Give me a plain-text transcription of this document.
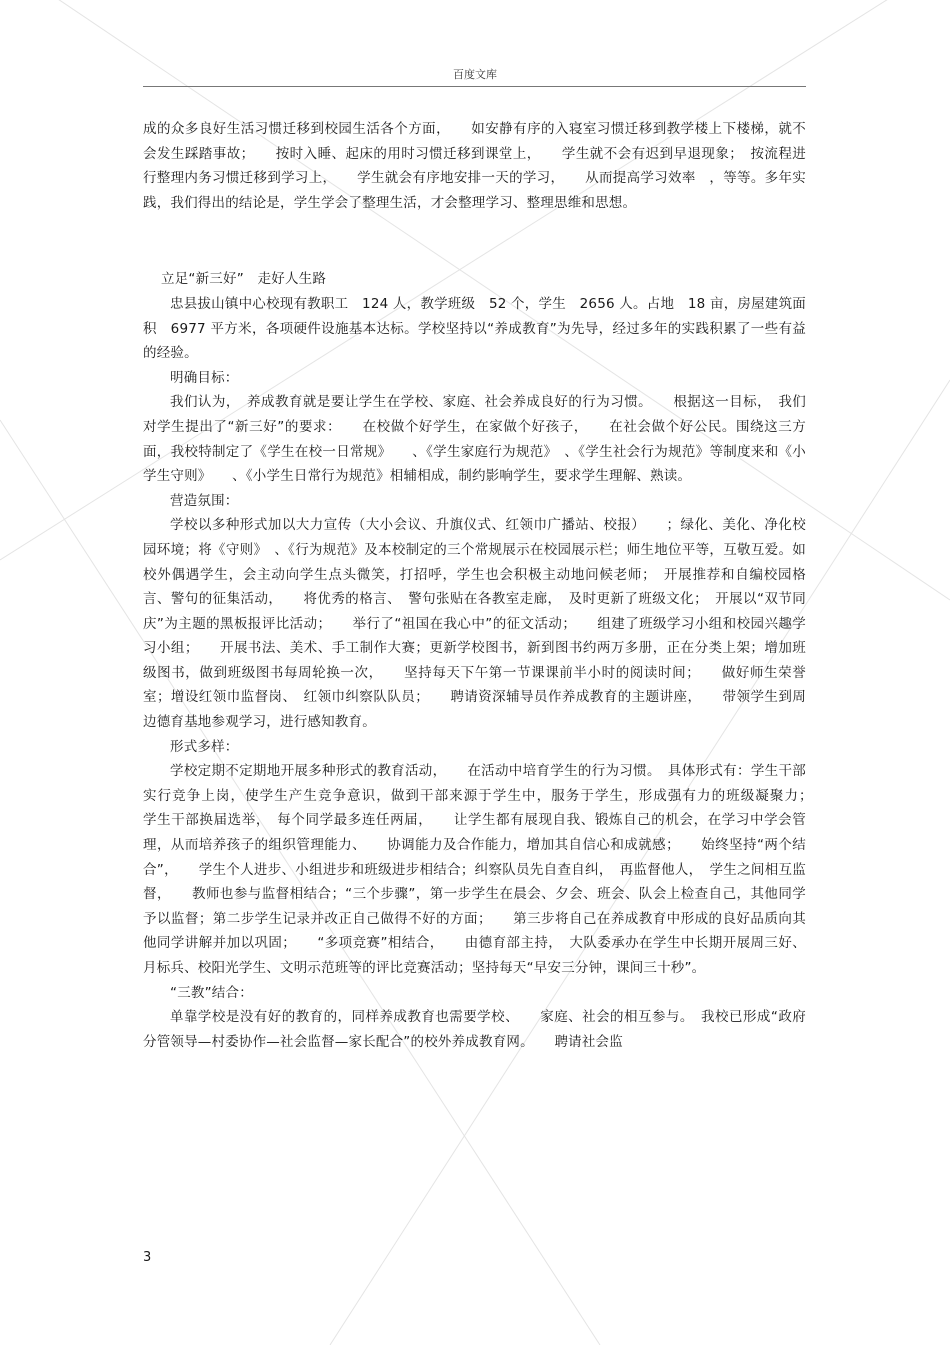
百度文库

成的众多良好生活习惯迁移到校园生活各个方面，　　如安静有序的入寝室习惯迁移到教学楼上下楼梯，就不会发生踩踏事故；　　按时入睡、起床的用时习惯迁移到课堂上，　　学生就不会有迟到早退现象；　按流程进行整理内务习惯迁移到学习上，　　学生就会有序地安排一天的学习，　　从而提高学习效率　，等等。多年实践，我们得出的结论是，学生学会了整理生活，才会整理学习、整理思维和思想。

立足“新三好”　走好人生路

忠县拔山镇中心校现有教职工　124 人，教学班级　52 个，学生　2656 人。占地　18 亩，房屋建筑面积　6977 平方米，各项硬件设施基本达标。学校坚持以“养成教育”为先导，经过多年的实践积累了一些有益的经验。

明确目标：

我们认为，　养成教育就是要让学生在学校、家庭、社会养成良好的行为习惯。　　根据这一目标，　我们对学生提出了“新三好”的要求：　　在校做个好学生，在家做个好孩子，　　在社会做个好公民。围绕这三方面，我校特制定了《学生在校一日常规》　　、《学生家庭行为规范》　、《学生社会行为规范》等制度来和《小学生守则》　　、《小学生日常行为规范》相辅相成，制约影响学生，要求学生理解、熟读。

营造氛围：

学校以多种形式加以大力宣传（大小会议、升旗仪式、红领巾广播站、校报）　　；绿化、美化、净化校园环境；将《守则》　、《行为规范》及本校制定的三个常规展示在校园展示栏；师生地位平等，互敬互爱。如校外偶遇学生，会主动向学生点头微笑，打招呼，学生也会积极主动地问候老师；　开展推荐和自编校园格言、警句的征集活动，　　将优秀的格言、　警句张贴在各教室走廊，　及时更新了班级文化；　开展以“双节同庆”为主题的黑板报评比活动；　　举行了“祖国在我心中”的征文活动；　　组建了班级学习小组和校园兴趣学习小组；　　开展书法、美术、手工制作大赛；更新学校图书，新到图书约两万多册，正在分类上架；增加班级图书，做到班级图书每周轮换一次，　　坚持每天下午第一节课课前半小时的阅读时间；　　做好师生荣誉室；增设红领巾监督岗、　红领巾纠察队队员；　　聘请资深辅导员作养成教育的主题讲座，　　带领学生到周边德育基地参观学习，进行感知教育。

形式多样：

学校定期不定期地开展多种形式的教育活动，　　在活动中培育学生的行为习惯。　具体形式有：学生干部实行竞争上岗，使学生产生竞争意识，做到干部来源于学生中，服务于学生，形成强有力的班级凝聚力；　　学生干部换届选举，　每个同学最多连任两届，　　让学生都有展现自我、锻炼自己的机会，在学习中学会管理，从而培养孩子的组织管理能力、　　协调能力及合作能力，增加其自信心和成就感；　　始终坚持“两个结合”，　　学生个人进步、小组进步和班级进步相结合；纠察队员先自查自纠，　再监督他人，　学生之间相互监督，　　教师也参与监督相结合；“三个步骤”，第一步学生在晨会、夕会、班会、队会上检查自己，其他同学予以监督；第二步学生记录并改正自己做得不好的方面；　　第三步将自己在养成教育中形成的良好品质向其他同学讲解并加以巩固；　　“多项竞赛”相结合，　　由德育部主持，　大队委承办在学生中长期开展周三好、月标兵、校阳光学生、文明示范班等的评比竞赛活动；坚持每天“早安三分钟，课间三十秒”。

“三教”结合：

单靠学校是没有好的教育的，同样养成教育也需要学校、　　家庭、社会的相互参与。　我校已形成“政府分管领导—村委协作—社会监督—家长配合”的校外养成教育网。　　聘请社会监

3
